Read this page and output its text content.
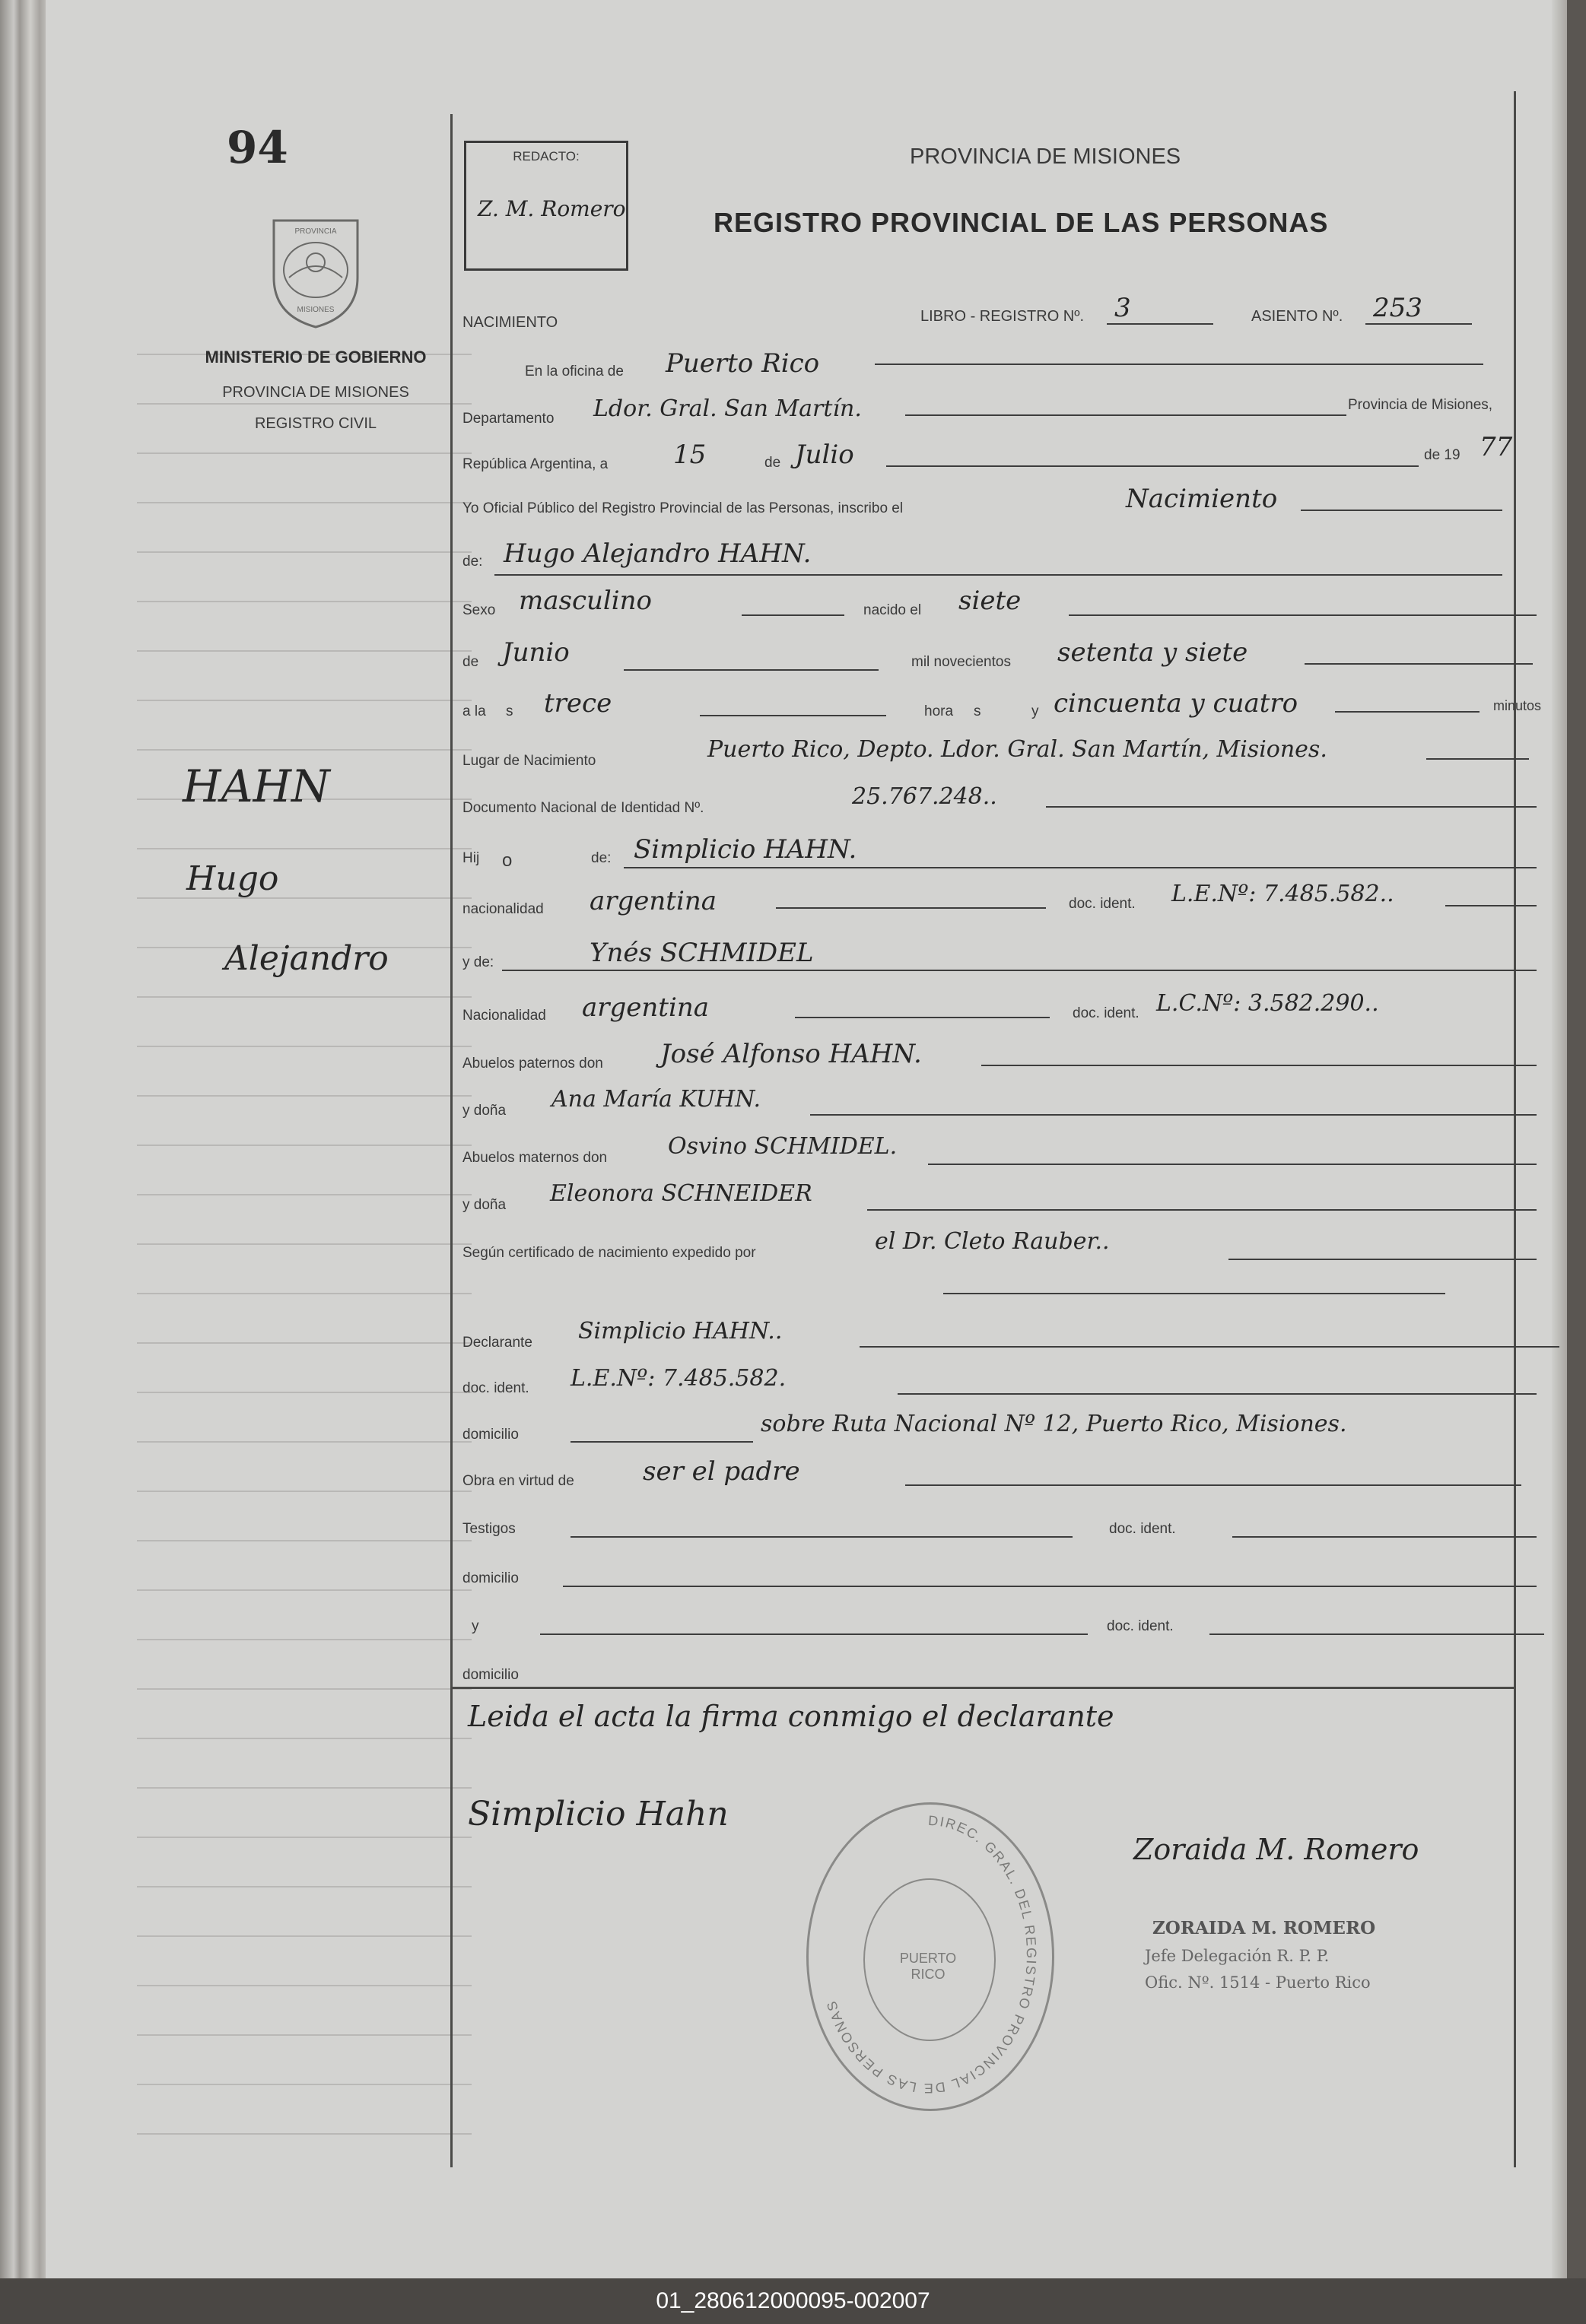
94
PROVINCIA
MISIONES
MINISTERIO DE GOBIERNO
PROVINCIA DE MISIONES
REGISTRO CIVIL
HAHN
Hugo
Alejandro
REDACTO:
Z. M. Romero
PROVINCIA DE MISIONES
REGISTRO PROVINCIAL DE LAS PERSONAS
NACIMIENTO	LIBRO - REGISTRO Nº. 3	ASIENTO Nº. 253
En la oficina de Puerto Rico
Departamento Ldor. Gral. San Martín.	Provincia de Misiones,
República Argentina, a	15	de Julio	de 19 77
Yo Oficial Público del Registro Provincial de las Personas, inscribo el	Nacimiento
de: Hugo Alejandro HAHN.
Sexo masculino	nacido el siete
de Junio	mil novecientos setenta y siete
a la s trece	hora s	y cincuenta y cuatro	minutos
Lugar de Nacimiento	Puerto Rico, Depto. Ldor. Gral. San Martín, Misiones.
Documento Nacional de Identidad Nº.	25.767.248..
Hij o	de: Simplicio HAHN.
nacionalidad argentina	doc. ident. L.E.Nº: 7.485.582..
y de:	Ynés SCHMIDEL
Nacionalidad argentina	doc. ident. L.C.Nº: 3.582.290..
Abuelos paternos don José Alfonso HAHN.
y doña Ana María KUHN.
Abuelos maternos don	Osvino SCHMIDEL.
y doña Eleonora SCHNEIDER
Según certificado de nacimiento expedido por	el Dr. Cleto Rauber..
Declarante Simplicio HAHN..
doc. ident. L.E.Nº: 7.485.582.
domicilio	sobre Ruta Nacional Nº 12, Puerto Rico, Misiones.
Obra en virtud de	ser el padre
Testigos	doc. ident.
domicilio
y	doc. ident.
domicilio
Leida el acta la firma conmigo el declarante
Simplicio Hahn	DIREC. GRAL. DEL REGISTRO PROVINCIAL DE LAS PERSONAS
PUERTO RICO
Zoraida M. Romero
ZORAIDA M. ROMERO
Jefe Delegación R. P. P.
Ofic. Nº. 1514 - Puerto Rico
01_280612000095-002007
